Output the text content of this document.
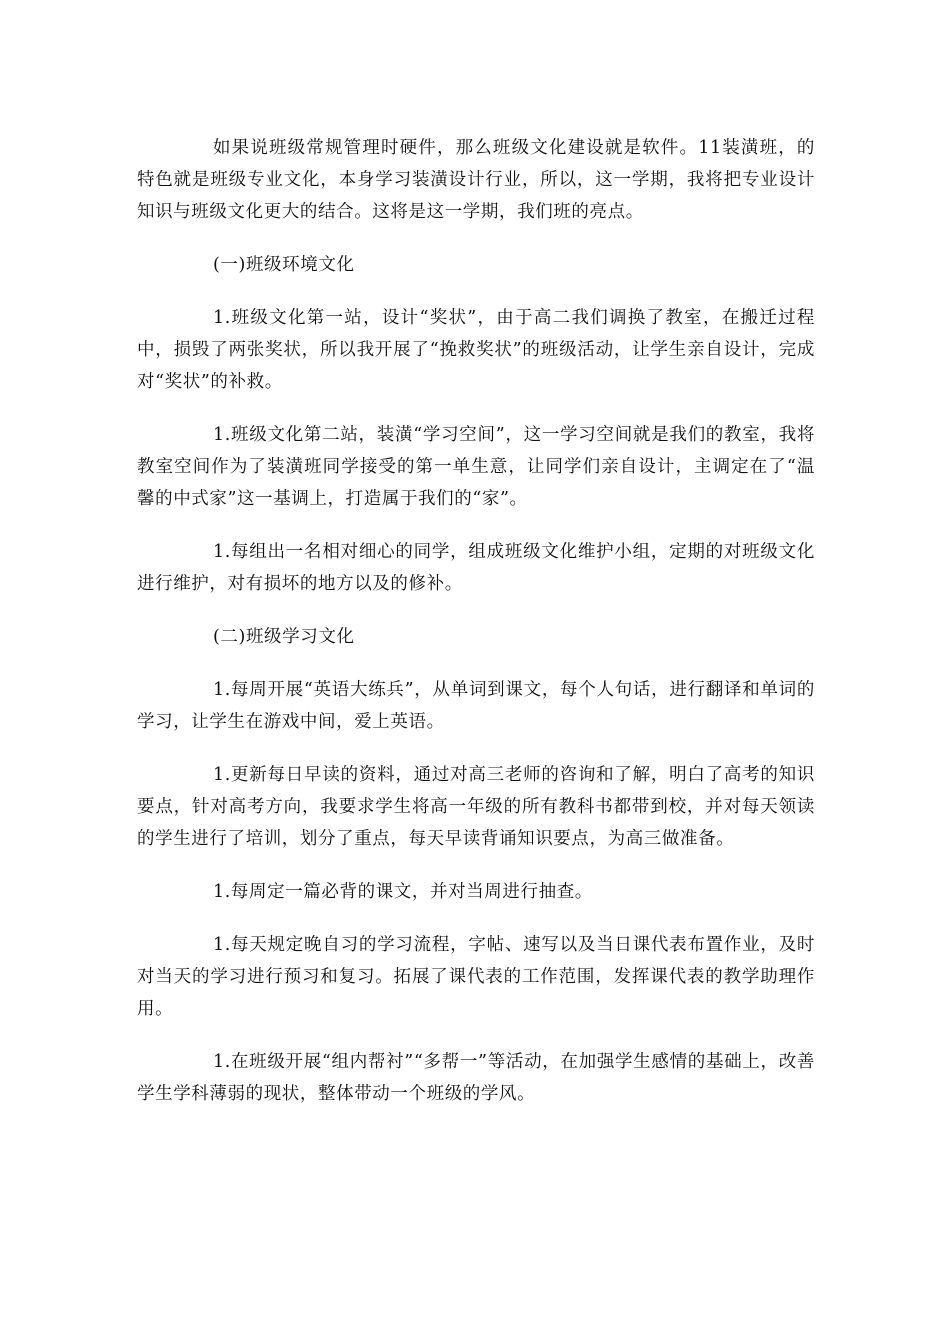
如果说班级常规管理时硬件，那么班级文化建设就是软件。11装潢班，的特色就是班级专业文化，本身学习装潢设计行业，所以，这一学期，我将把专业设计知识与班级文化更大的结合。这将是这一学期，我们班的亮点。

(一)班级环境文化

1.班级文化第一站，设计“奖状”，由于高二我们调换了教室，在搬迁过程中，损毁了两张奖状，所以我开展了“挽救奖状”的班级活动，让学生亲自设计，完成对“奖状”的补救。

1.班级文化第二站，装潢“学习空间”，这一学习空间就是我们的教室，我将教室空间作为了装潢班同学接受的第一单生意，让同学们亲自设计，主调定在了“温馨的中式家”这一基调上，打造属于我们的“家”。

1.每组出一名相对细心的同学，组成班级文化维护小组，定期的对班级文化进行维护，对有损坏的地方以及的修补。

(二)班级学习文化

1.每周开展“英语大练兵”，从单词到课文，每个人句话，进行翻译和单词的学习，让学生在游戏中间，爱上英语。

1.更新每日早读的资料，通过对高三老师的咨询和了解，明白了高考的知识要点，针对高考方向，我要求学生将高一年级的所有教科书都带到校，并对每天领读的学生进行了培训，划分了重点，每天早读背诵知识要点，为高三做准备。

1.每周定一篇必背的课文，并对当周进行抽查。

1.每天规定晚自习的学习流程，字帖、速写以及当日课代表布置作业，及时对当天的学习进行预习和复习。拓展了课代表的工作范围，发挥课代表的教学助理作用。

1.在班级开展“组内帮衬”“多帮一”等活动，在加强学生感情的基础上，改善学生学科薄弱的现状，整体带动一个班级的学风。
